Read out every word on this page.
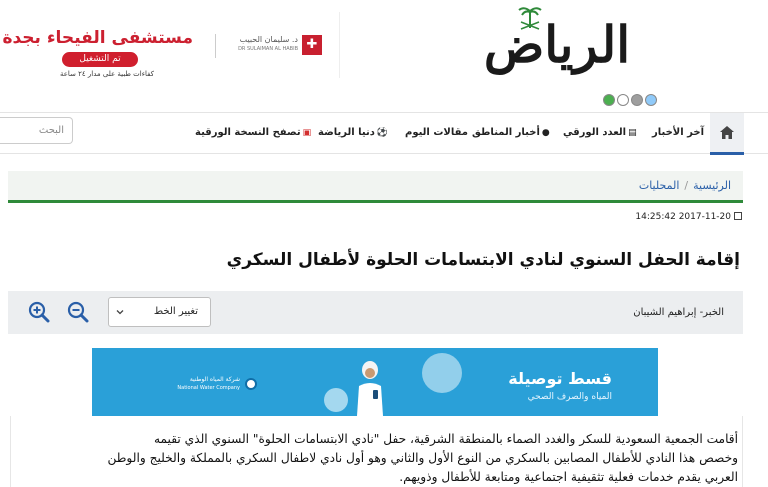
✚
د. سليمان الحبيب
DR SULAIMAN AL HABIB
مستشفى الفيحاء بجدة
تم التشغيل
كفاءات طبية على مدار ٢٤ ساعة	الرياض
آخر الأخبار
▤العدد الورقي
●أخبار المناطق
مقالات اليوم
⚽دنيا الرياضة
▣تصفح النسخة الورقية
البحث
الرئيسية/المحليات
14:25:42 2017-11-20
إقامة الحفل السنوي لنادي الابتسامات الحلوة لأطفال السكري
الخبر- إبراهيم الشيبان
تغيير الخط
قسط توصيلة
المياه والصرف الصحي
شركة المياه الوطنية
National Water Company

أقامت الجمعية السعودية للسكر والغدد الصماء بالمنطقة الشرقية، حفل "نادي الابتسامات الحلوة" السنوي الذي تقيمه

وخصص هذا النادي للأطفال المصابين بالسكري من النوع الأول والثاني وهو أول نادي لاطفال السكري بالمملكة والخليج والوطن

العربي يقدم خدمات فعلية تثقيفية اجتماعية ومتابعة للأطفال وذويهم.
